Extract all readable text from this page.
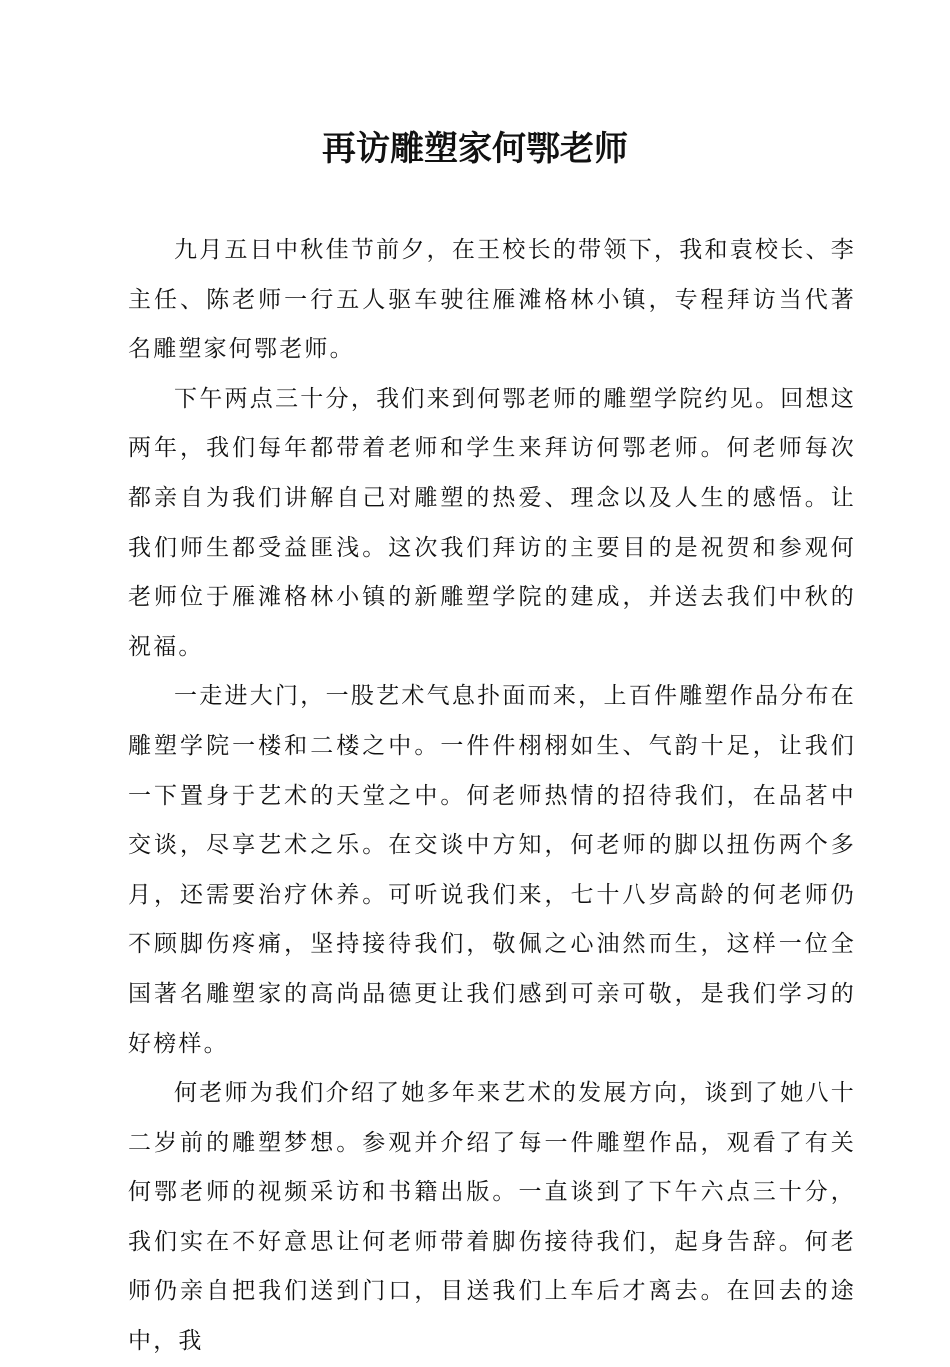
再访雕塑家何鄂老师

九月五日中秋佳节前夕，在王校长的带领下，我和袁校长、李主任、陈老师一行五人驱车驶往雁滩格林小镇，专程拜访当代著名雕塑家何鄂老师。

下午两点三十分，我们来到何鄂老师的雕塑学院约见。回想这两年，我们每年都带着老师和学生来拜访何鄂老师。何老师每次都亲自为我们讲解自己对雕塑的热爱、理念以及人生的感悟。让我们师生都受益匪浅。这次我们拜访的主要目的是祝贺和参观何老师位于雁滩格林小镇的新雕塑学院的建成，并送去我们中秋的祝福。

一走进大门，一股艺术气息扑面而来，上百件雕塑作品分布在雕塑学院一楼和二楼之中。一件件栩栩如生、气韵十足，让我们一下置身于艺术的天堂之中。何老师热情的招待我们，在品茗中交谈，尽享艺术之乐。在交谈中方知，何老师的脚以扭伤两个多月，还需要治疗休养。可听说我们来，七十八岁高龄的何老师仍不顾脚伤疼痛，坚持接待我们，敬佩之心油然而生，这样一位全国著名雕塑家的高尚品德更让我们感到可亲可敬，是我们学习的好榜样。

何老师为我们介绍了她多年来艺术的发展方向，谈到了她八十二岁前的雕塑梦想。参观并介绍了每一件雕塑作品，观看了有关何鄂老师的视频采访和书籍出版。一直谈到了下午六点三十分，我们实在不好意思让何老师带着脚伤接待我们，起身告辞。何老师仍亲自把我们送到门口，目送我们上车后才离去。在回去的途中，我
